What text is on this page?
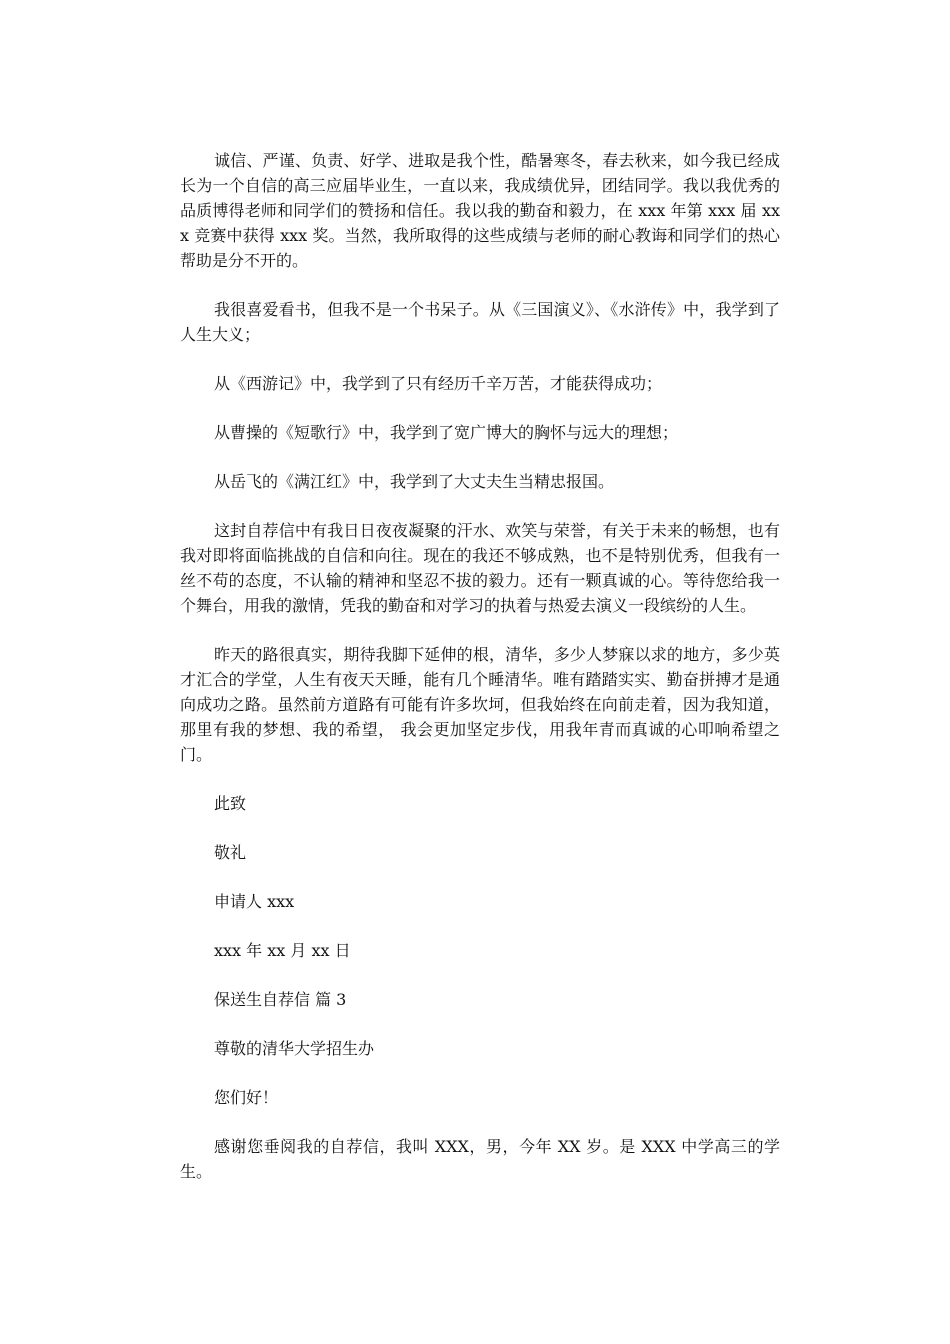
诚信、严谨、负责、好学、进取是我个性，酷暑寒冬，春去秋来，如今我已经成长为一个自信的高三应届毕业生，一直以来，我成绩优异，团结同学。我以我优秀的品质博得老师和同学们的赞扬和信任。我以我的勤奋和毅力，在 xxx 年第 xxx 届 xxx 竞赛中获得 xxx 奖。当然，我所取得的这些成绩与老师的耐心教诲和同学们的热心帮助是分不开的。

我很喜爱看书，但我不是一个书呆子。从《三国演义》、《水浒传》中，我学到了人生大义；

从《西游记》中，我学到了只有经历千辛万苦，才能获得成功；

从曹操的《短歌行》中，我学到了宽广博大的胸怀与远大的理想；

从岳飞的《满江红》中，我学到了大丈夫生当精忠报国。

这封自荐信中有我日日夜夜凝聚的汗水、欢笑与荣誉，有关于未来的畅想，也有我对即将面临挑战的自信和向往。现在的我还不够成熟，也不是特别优秀，但我有一丝不苟的态度，不认输的精神和坚忍不拔的毅力。还有一颗真诚的心。等待您给我一个舞台，用我的激情，凭我的勤奋和对学习的执着与热爱去演义一段缤纷的人生。

昨天的路很真实，期待我脚下延伸的根，清华，多少人梦寐以求的地方，多少英才汇合的学堂，人生有夜天天睡，能有几个睡清华。唯有踏踏实实、勤奋拼搏才是通向成功之路。虽然前方道路有可能有许多坎坷，但我始终在向前走着，因为我知道，那里有我的梦想、我的希望， 我会更加坚定步伐，用我年青而真诚的心叩响希望之门。

此致

敬礼

申请人 xxx

xxx 年 xx 月 xx 日

保送生自荐信 篇 3

尊敬的清华大学招生办

您们好！

感谢您垂阅我的自荐信，我叫 XXX，男，今年 XX 岁。是 XXX 中学高三的学生。
